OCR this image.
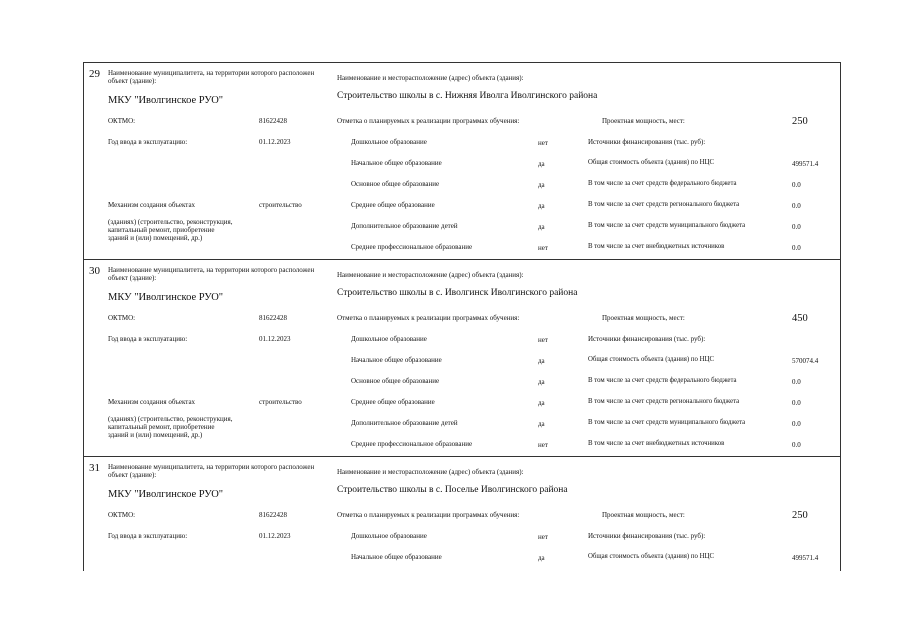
29 Наименование муниципалитета, на территории которого расположен объект (здание):
МКУ "Иволгинское РУО"
ОКТМО:	81622428
Год ввода в эксплуатацию:	01.12.2023
Механизм создания объектах	строительство
(зданиях) (строительство, реконструкция, капитальный ремонт, приобретение зданий и (или) помещений, др.)
Наименование и месторасположение (адрес) объекта (здания):
Строительство школы в с. Нижняя Иволга Иволгинского района
Отметка о планируемых к реализации программах обучения:
Дошкольное образование	нет
Начальное общее образование	да
Основное общее образование	да
Среднее общее образование	да
Дополнительное образование детей	да
Среднее профессиональное образование	нет
Проектная мощность, мест:	250
Источники финансирования (тыс. руб):
Общая стоимость объекта (здания) по НЦС	499571.4
В том числе за счет средств федерального бюджета	0.0
В том числе за счет средств регионального бюджета	0.0
В том числе за счет средств муниципального бюджета	0.0
В том числе за счет внебюджетных источников	0.0
30 Наименование муниципалитета, на территории которого расположен объект (здание):
МКУ "Иволгинское РУО"
ОКТМО:	81622428
Год ввода в эксплуатацию:	01.12.2023
Механизм создания объектах	строительство
(зданиях) (строительство, реконструкция, капитальный ремонт, приобретение зданий и (или) помещений, др.)
Наименование и месторасположение (адрес) объекта (здания):
Строительство школы в с. Иволгинск Иволгинского района
Отметка о планируемых к реализации программах обучения:
Дошкольное образование	нет
Начальное общее образование	да
Основное общее образование	да
Среднее общее образование	да
Дополнительное образование детей	да
Среднее профессиональное образование	нет
Проектная мощность, мест:	450
Источники финансирования (тыс. руб):
Общая стоимость объекта (здания) по НЦС	570074.4
В том числе за счет средств федерального бюджета	0.0
В том числе за счет средств регионального бюджета	0.0
В том числе за счет средств муниципального бюджета	0.0
В том числе за счет внебюджетных источников	0.0
31 Наименование муниципалитета, на территории которого расположен объект (здание):
МКУ "Иволгинское РУО"
ОКТМО:	81622428
Год ввода в эксплуатацию:	01.12.2023
Наименование и месторасположение (адрес) объекта (здания):
Строительство школы в с. Поселье Иволгинского района
Отметка о планируемых к реализации программах обучения:
Дошкольное образование	нет
Начальное общее образование	да
Проектная мощность, мест:	250
Источники финансирования (тыс. руб):
Общая стоимость объекта (здания) по НЦС	499571.4
